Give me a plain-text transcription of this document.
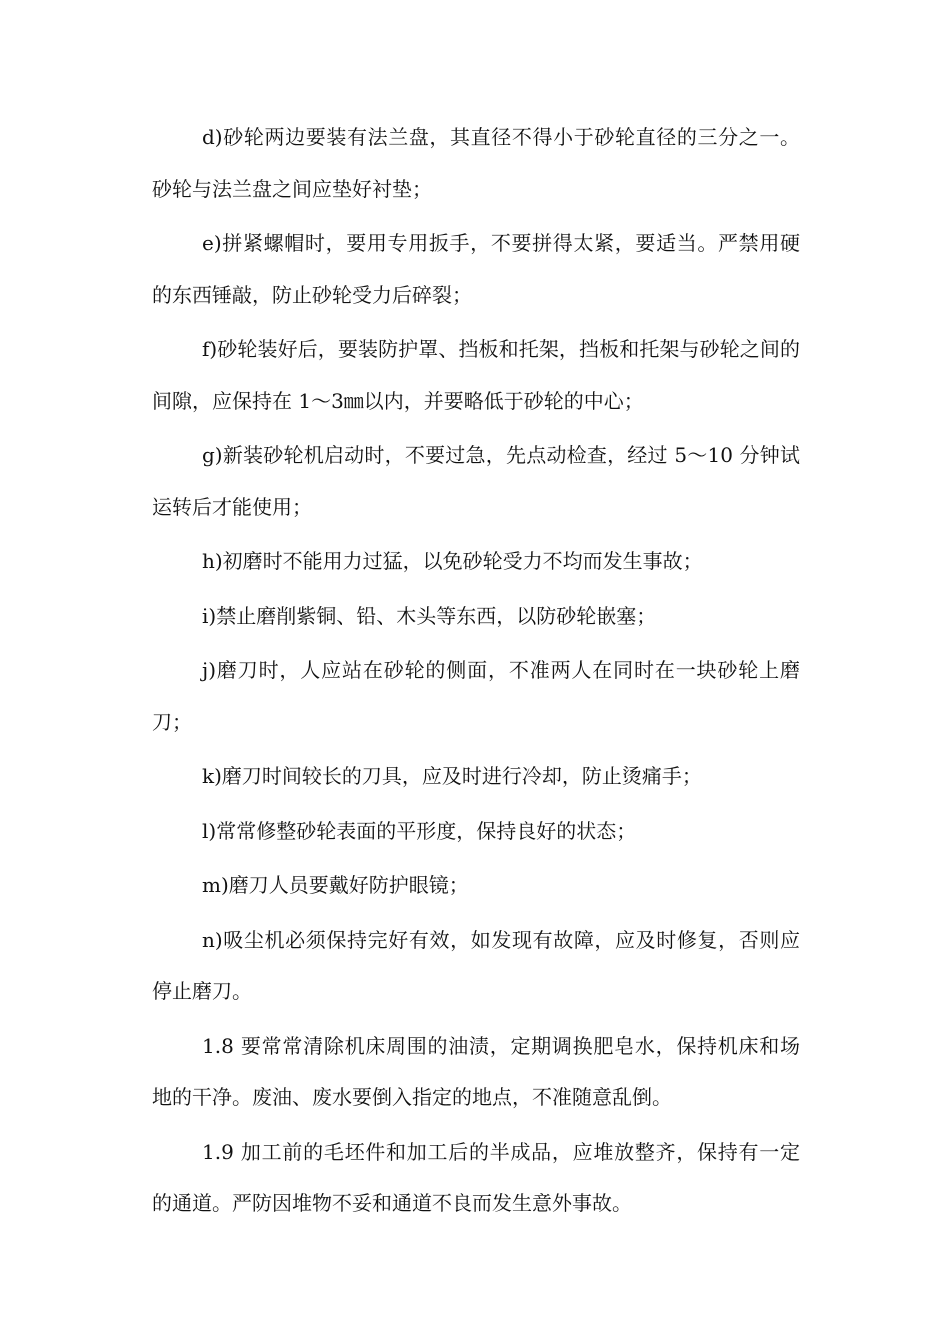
d)砂轮两边要装有法兰盘，其直径不得小于砂轮直径的三分之一。砂轮与法兰盘之间应垫好衬垫；

e)拼紧螺帽时，要用专用扳手，不要拼得太紧，要适当。严禁用硬的东西锤敲，防止砂轮受力后碎裂；

f)砂轮装好后，要装防护罩、挡板和托架，挡板和托架与砂轮之间的间隙，应保持在 1～3㎜以内，并要略低于砂轮的中心；

g)新装砂轮机启动时，不要过急，先点动检查，经过 5～10 分钟试运转后才能使用；

h)初磨时不能用力过猛，以免砂轮受力不均而发生事故；

i)禁止磨削紫铜、铅、木头等东西，以防砂轮嵌塞；

j)磨刀时，人应站在砂轮的侧面，不准两人在同时在一块砂轮上磨刀；

k)磨刀时间较长的刀具，应及时进行冷却，防止烫痛手；

l)常常修整砂轮表面的平形度，保持良好的状态；

m)磨刀人员要戴好防护眼镜；

n)吸尘机必须保持完好有效，如发现有故障，应及时修复，否则应停止磨刀。

1.8 要常常清除机床周围的油渍，定期调换肥皂水，保持机床和场地的干净。废油、废水要倒入指定的地点，不准随意乱倒。

1.9 加工前的毛坯件和加工后的半成品，应堆放整齐，保持有一定的通道。严防因堆物不妥和通道不良而发生意外事故。
